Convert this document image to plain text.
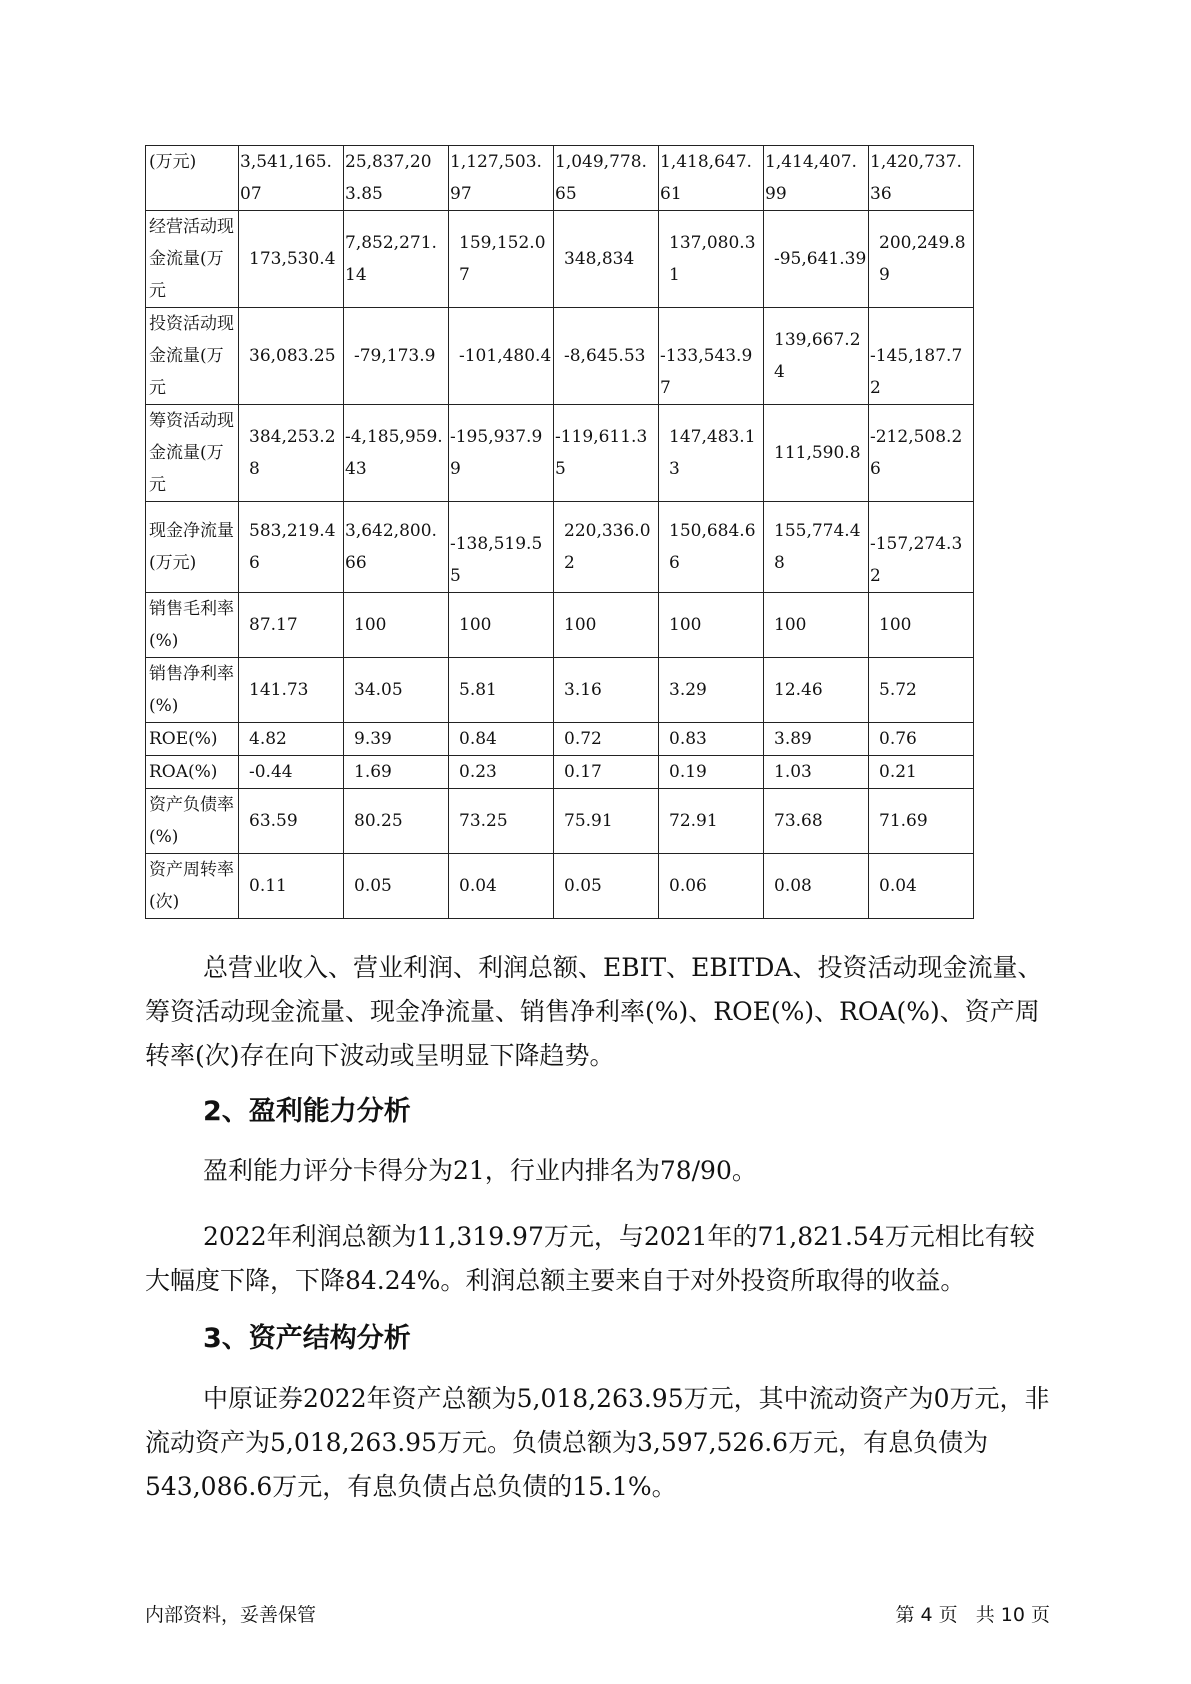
(万元)	3,541,165.07	25,837,203.85	1,127,503.97	1,049,778.65	1,418,647.61	1,414,407.99	1,420,737.36
经营活动现金流量(万元	173,530.4	7,852,271.14	159,152.07	348,834	137,080.31	-95,641.39	200,249.89
投资活动现金流量(万元	36,083.25	-79,173.9	-101,480.4	-8,645.53	-133,543.97	139,667.24	-145,187.72
筹资活动现金流量(万元	384,253.28	-4,185,959.43	-195,937.99	-119,611.35	147,483.13	111,590.8	-212,508.26
现金净流量(万元)	583,219.46	3,642,800.66	-138,519.55	220,336.02	150,684.66	155,774.48	-157,274.32
销售毛利率(%)	87.17	100	100	100	100	100	100
销售净利率(%)	141.73	34.05	5.81	3.16	3.29	12.46	5.72
ROE(%)	4.82	9.39	0.84	0.72	0.83	3.89	0.76
ROA(%)	-0.44	1.69	0.23	0.17	0.19	1.03	0.21
资产负债率(%)	63.59	80.25	73.25	75.91	72.91	73.68	71.69
资产周转率(次)	0.11	0.05	0.04	0.05	0.06	0.08	0.04

总营业收入、营业利润、利润总额、EBIT、EBITDA、投资活动现金流量、筹资活动现金流量、现金净流量、销售净利率(%)、ROE(%)、ROA(%)、资产周转率(次)存在向下波动或呈明显下降趋势。

2、盈利能力分析

盈利能力评分卡得分为21，行业内排名为78/90。

2022年利润总额为11,319.97万元，与2021年的71,821.54万元相比有较大幅度下降，下降84.24%。利润总额主要来自于对外投资所取得的收益。

3、资产结构分析

中原证券2022年资产总额为5,018,263.95万元，其中流动资产为0万元，非流动资产为5,018,263.95万元。负债总额为3,597,526.6万元，有息负债为543,086.6万元，有息负债占总负债的15.1%。

内部资料，妥善保管	第 4 页   共 10 页
